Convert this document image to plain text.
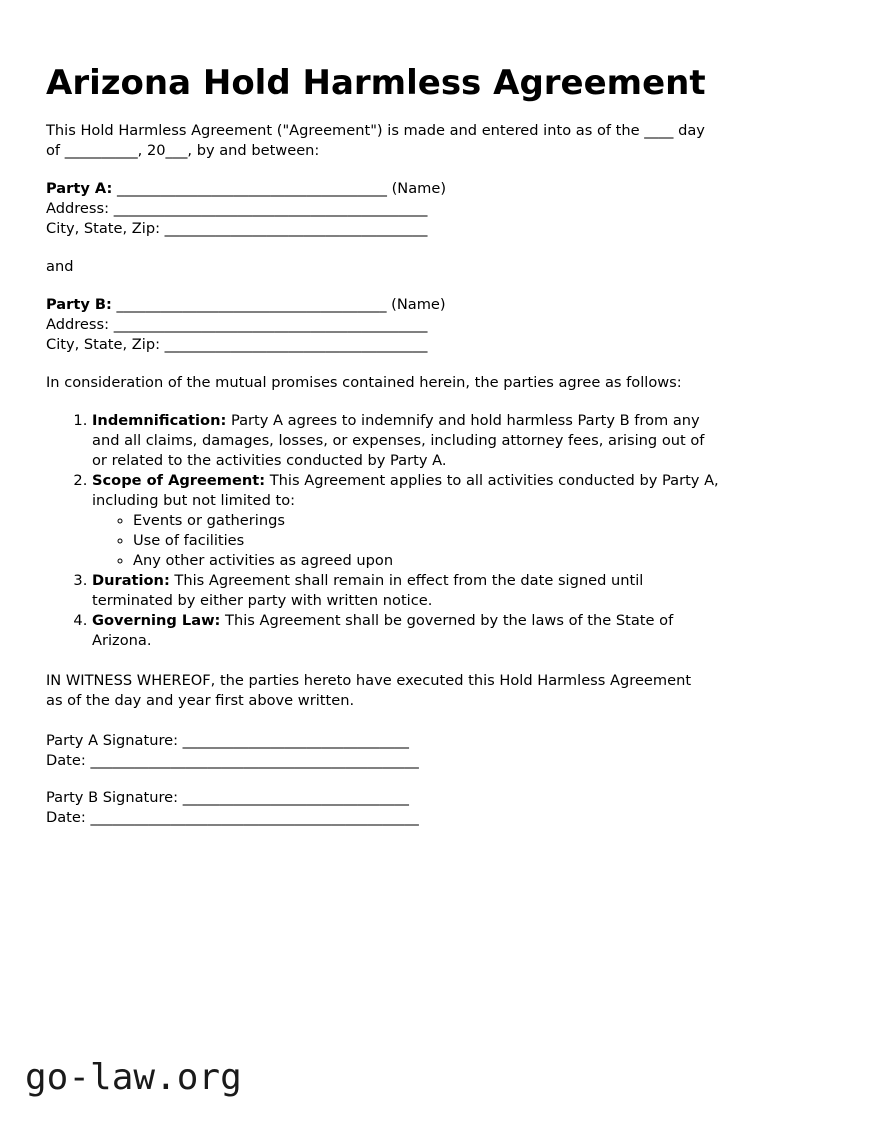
Arizona Hold Harmless Agreement

This Hold Harmless Agreement ("Agreement") is made and entered into as of the ____ day
of __________, 20___, by and between:

Party A: _____________________________________ (Name)
Address: ___________________________________________
City, State, Zip: ____________________________________

and

Party B: _____________________________________ (Name)
Address: ___________________________________________
City, State, Zip: ____________________________________

In consideration of the mutual promises contained herein, the parties agree as follows:

1. Indemnification: Party A agrees to indemnify and hold harmless Party B from any
and all claims, damages, losses, or expenses, including attorney fees, arising out of
or related to the activities conducted by Party A.
2. Scope of Agreement: This Agreement applies to all activities conducted by Party A,
including but not limited to:
◦ Events or gatherings
◦ Use of facilities
◦ Any other activities as agreed upon
3. Duration: This Agreement shall remain in effect from the date signed until
terminated by either party with written notice.
4. Governing Law: This Agreement shall be governed by the laws of the State of
Arizona.

IN WITNESS WHEREOF, the parties hereto have executed this Hold Harmless Agreement
as of the day and year first above written.

Party A Signature: _______________________________
Date: _____________________________________________
Party B Signature: _______________________________
Date: _____________________________________________
go-law.org
